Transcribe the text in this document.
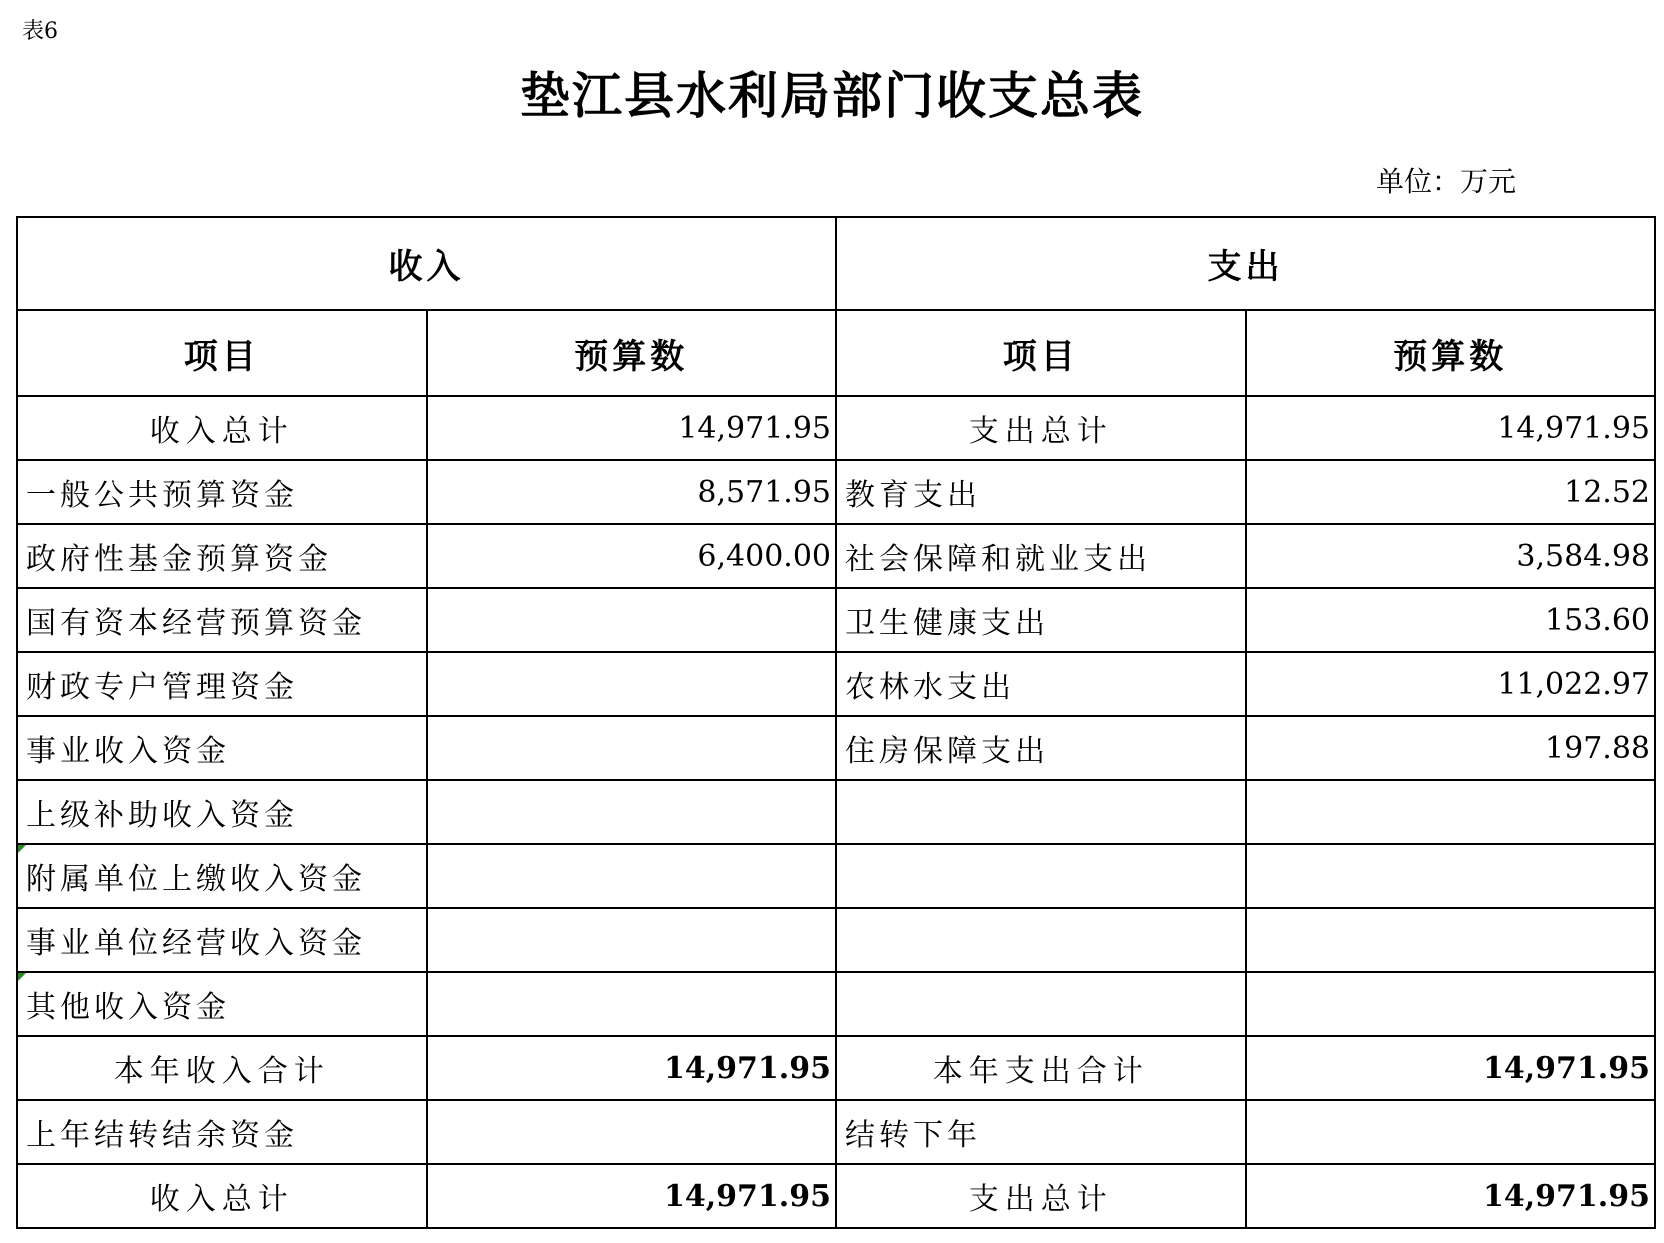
表6
垫江县水利局部门收支总表
单位：万元
收入		支出	
项目	预算数	项目	预算数
收入总计	14,971.95	支出总计	14,971.95
一般公共预算资金	8,571.95	教育支出	12.52
政府性基金预算资金	6,400.00	社会保障和就业支出	3,584.98
国有资本经营预算资金		卫生健康支出	153.60
财政专户管理资金		农林水支出	11,022.97
事业收入资金		住房保障支出	197.88
上级补助收入资金			
附属单位上缴收入资金			
事业单位经营收入资金			
其他收入资金			
本年收入合计	14,971.95	本年支出合计	14,971.95
上年结转结余资金		结转下年	
收入总计	14,971.95	支出总计	14,971.95
